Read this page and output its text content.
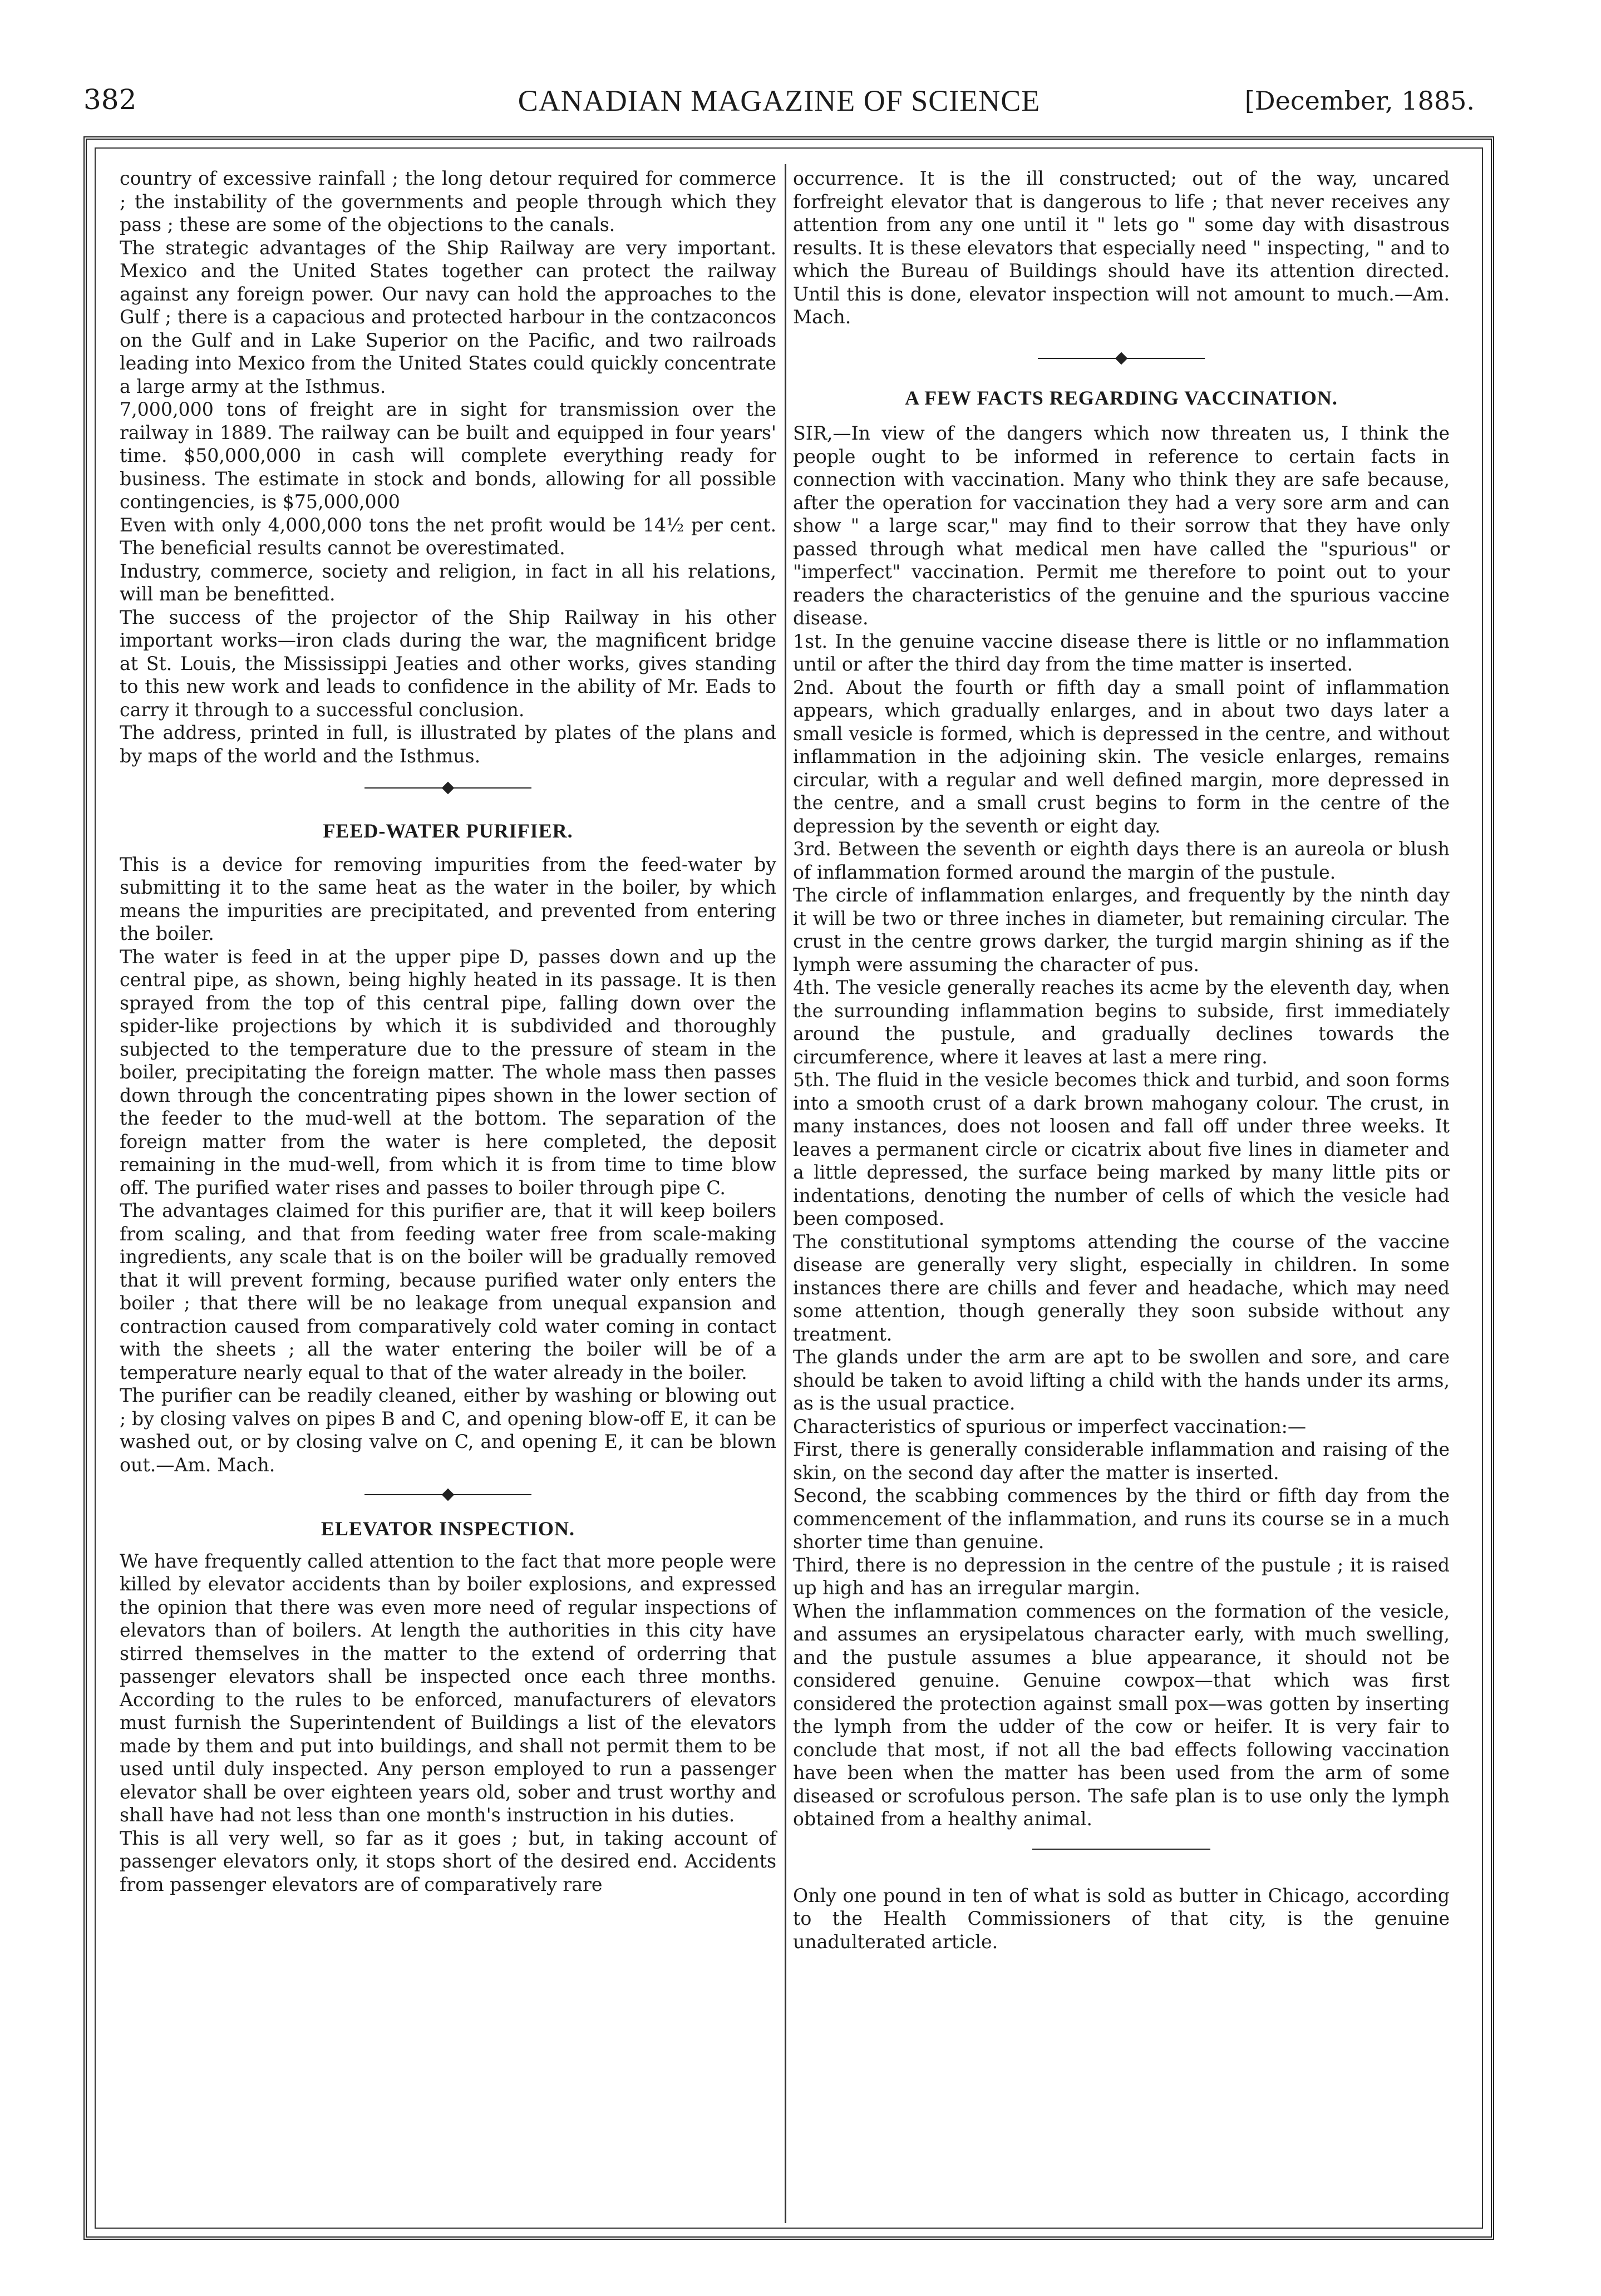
382	CANADIAN MAGAZINE OF SCIENCE	[December, 1885.

country of excessive rainfall ; the long detour required for commerce ; the instability of the governments and people through which they pass ; these are some of the objections to the canals.

The strategic advantages of the Ship Railway are very important. Mexico and the United States together can protect the railway against any foreign power. Our navy can hold the approaches to the Gulf ; there is a capacious and protected harbour in the contzaconcos on the Gulf and in Lake Superior on the Pacific, and two railroads leading into Mexico from the United States could quickly concentrate a large army at the Isthmus.

7,000,000 tons of freight are in sight for transmission over the railway in 1889. The railway can be built and equipped in four years' time. $50,000,000 in cash will complete everything ready for business. The estimate in stock and bonds, allowing for all possible contingencies, is $75,000,000

Even with only 4,000,000 tons the net profit would be 14½ per cent. The beneficial results cannot be overestimated.

Industry, commerce, society and religion, in fact in all his relations, will man be benefitted.

The success of the projector of the Ship Railway in his other important works—iron clads during the war, the magnificent bridge at St. Louis, the Mississippi Jeaties and other works, gives standing to this new work and leads to confidence in the ability of Mr. Eads to carry it through to a successful conclusion.

The address, printed in full, is illustrated by plates of the plans and by maps of the world and the Isthmus.

FEED-WATER PURIFIER.

This is a device for removing impurities from the feed-water by submitting it to the same heat as the water in the boiler, by which means the impurities are precipitated, and prevented from entering the boiler.

The water is feed in at the upper pipe D, passes down and up the central pipe, as shown, being highly heated in its passage. It is then sprayed from the top of this central pipe, falling down over the spider-like projections by which it is subdivided and thoroughly subjected to the temperature due to the pressure of steam in the boiler, precipitating the foreign matter. The whole mass then passes down through the concentrating pipes shown in the lower section of the feeder to the mud-well at the bottom. The separation of the foreign matter from the water is here completed, the deposit remaining in the mud-well, from which it is from time to time blow off. The purified water rises and passes to boiler through pipe C.

The advantages claimed for this purifier are, that it will keep boilers from scaling, and that from feeding water free from scale-making ingredients, any scale that is on the boiler will be gradually removed that it will prevent forming, because purified water only enters the boiler ; that there will be no leakage from unequal expansion and contraction caused from comparatively cold water coming in contact with the sheets ; all the water entering the boiler will be of a temperature nearly equal to that of the water already in the boiler.

The purifier can be readily cleaned, either by washing or blowing out ; by closing valves on pipes B and C, and opening blow-off E, it can be washed out, or by closing valve on C, and opening E, it can be blown out.—Am. Mach.

ELEVATOR INSPECTION.

We have frequently called attention to the fact that more people were killed by elevator accidents than by boiler explosions, and expressed the opinion that there was even more need of regular inspections of elevators than of boilers. At length the authorities in this city have stirred themselves in the matter to the extend of orderring that passenger elevators shall be inspected once each three months. According to the rules to be enforced, manufacturers of elevators must furnish the Superintendent of Buildings a list of the elevators made by them and put into buildings, and shall not permit them to be used until duly inspected. Any person employed to run a passenger elevator shall be over eighteen years old, sober and trust worthy and shall have had not less than one month's instruction in his duties.

This is all very well, so far as it goes ; but, in taking account of passenger elevators only, it stops short of the desired end. Accidents from passenger elevators are of comparatively rare

occurrence. It is the ill constructed; out of the way, uncared forfreight elevator that is dangerous to life ; that never receives any attention from any one until it " lets go " some day with disastrous results. It is these elevators that especially need " inspecting, " and to which the Bureau of Buildings should have its attention directed. Until this is done, elevator inspection will not amount to much.—Am. Mach.

A FEW FACTS REGARDING VACCINATION.

SIR,—In view of the dangers which now threaten us, I think the people ought to be informed in reference to certain facts in connection with vaccination. Many who think they are safe because, after the operation for vaccination they had a very sore arm and can show " a large scar," may find to their sorrow that they have only passed through what medical men have called the "spurious" or "imperfect" vaccination. Permit me therefore to point out to your readers the characteristics of the genuine and the spurious vaccine disease.

1st. In the genuine vaccine disease there is little or no inflammation until or after the third day from the time matter is inserted.

2nd. About the fourth or fifth day a small point of inflammation appears, which gradually enlarges, and in about two days later a small vesicle is formed, which is depressed in the centre, and without inflammation in the adjoining skin. The vesicle enlarges, remains circular, with a regular and well defined margin, more depressed in the centre, and a small crust begins to form in the centre of the depression by the seventh or eight day.

3rd. Between the seventh or eighth days there is an aureola or blush of inflammation formed around the margin of the pustule.

The circle of inflammation enlarges, and frequently by the ninth day it will be two or three inches in diameter, but remaining circular. The crust in the centre grows darker, the turgid margin shining as if the lymph were assuming the character of pus.

4th. The vesicle generally reaches its acme by the eleventh day, when the surrounding inflammation begins to subside, first immediately around the pustule, and gradually declines towards the circumference, where it leaves at last a mere ring.

5th. The fluid in the vesicle becomes thick and turbid, and soon forms into a smooth crust of a dark brown mahogany colour. The crust, in many instances, does not loosen and fall off under three weeks. It leaves a permanent circle or cicatrix about five lines in diameter and a little depressed, the surface being marked by many little pits or indentations, denoting the number of cells of which the vesicle had been composed.

The constitutional symptoms attending the course of the vaccine disease are generally very slight, especially in children. In some instances there are chills and fever and headache, which may need some attention, though generally they soon subside without any treatment.

The glands under the arm are apt to be swollen and sore, and care should be taken to avoid lifting a child with the hands under its arms, as is the usual practice.

Characteristics of spurious or imperfect vaccination:—

First, there is generally considerable inflammation and raising of the skin, on the second day after the matter is inserted.

Second, the scabbing commences by the third or fifth day from the commencement of the inflammation, and runs its course se in a much shorter time than genuine.

Third, there is no depression in the centre of the pustule ; it is raised up high and has an irregular margin.

When the inflammation commences on the formation of the vesicle, and assumes an erysipelatous character early, with much swelling, and the pustule assumes a blue appearance, it should not be considered genuine. Genuine cowpox—that which was first considered the protection against small pox—was gotten by inserting the lymph from the udder of the cow or heifer. It is very fair to conclude that most, if not all the bad effects following vaccination have been when the matter has been used from the arm of some diseased or scrofulous person. The safe plan is to use only the lymph obtained from a healthy animal.

Only one pound in ten of what is sold as butter in Chicago, according to the Health Commissioners of that city, is the genuine unadulterated article.
